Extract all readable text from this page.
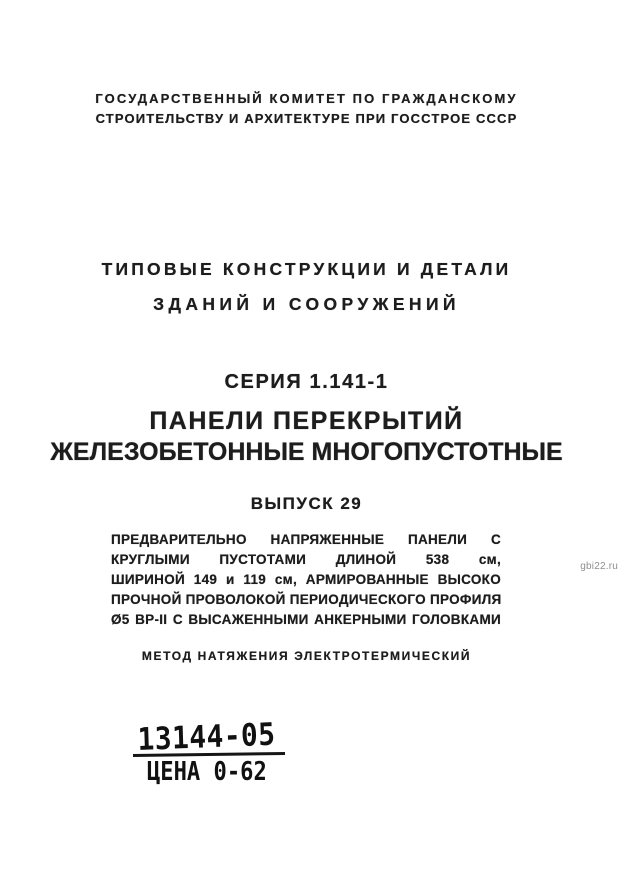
ГОСУДАРСТВЕННЫЙ КОМИТЕТ ПО ГРАЖДАНСКОМУ
СТРОИТЕЛЬСТВУ И АРХИТЕКТУРЕ ПРИ ГОССТРОЕ СССР
ТИПОВЫЕ КОНСТРУКЦИИ И ДЕТАЛИ
ЗДАНИЙ И СООРУЖЕНИЙ
СЕРИЯ 1.141-1
ПАНЕЛИ ПЕРЕКРЫТИЙ
ЖЕЛЕЗОБЕТОННЫЕ МНОГОПУСТОТНЫЕ
ВЫПУСК 29
ПРЕДВАРИТЕЛЬНО НАПРЯЖЕННЫЕ ПАНЕЛИ С
КРУГЛЫМИ ПУСТОТАМИ ДЛИНОЙ 538 см,
ШИРИНОЙ 149 и 119 см, АРМИРОВАННЫЕ ВЫСОКО
ПРОЧНОЙ ПРОВОЛОКОЙ ПЕРИОДИЧЕСКОГО ПРОФИЛЯ
Ø5 ВР-II С ВЫСАЖЕННЫМИ АНКЕРНЫМИ ГОЛОВКАМИ
МЕТОД НАТЯЖЕНИЯ ЭЛЕКТРОТЕРМИЧЕСКИЙ
13144-05
ЦЕНА 0-62
gbi22.ru
